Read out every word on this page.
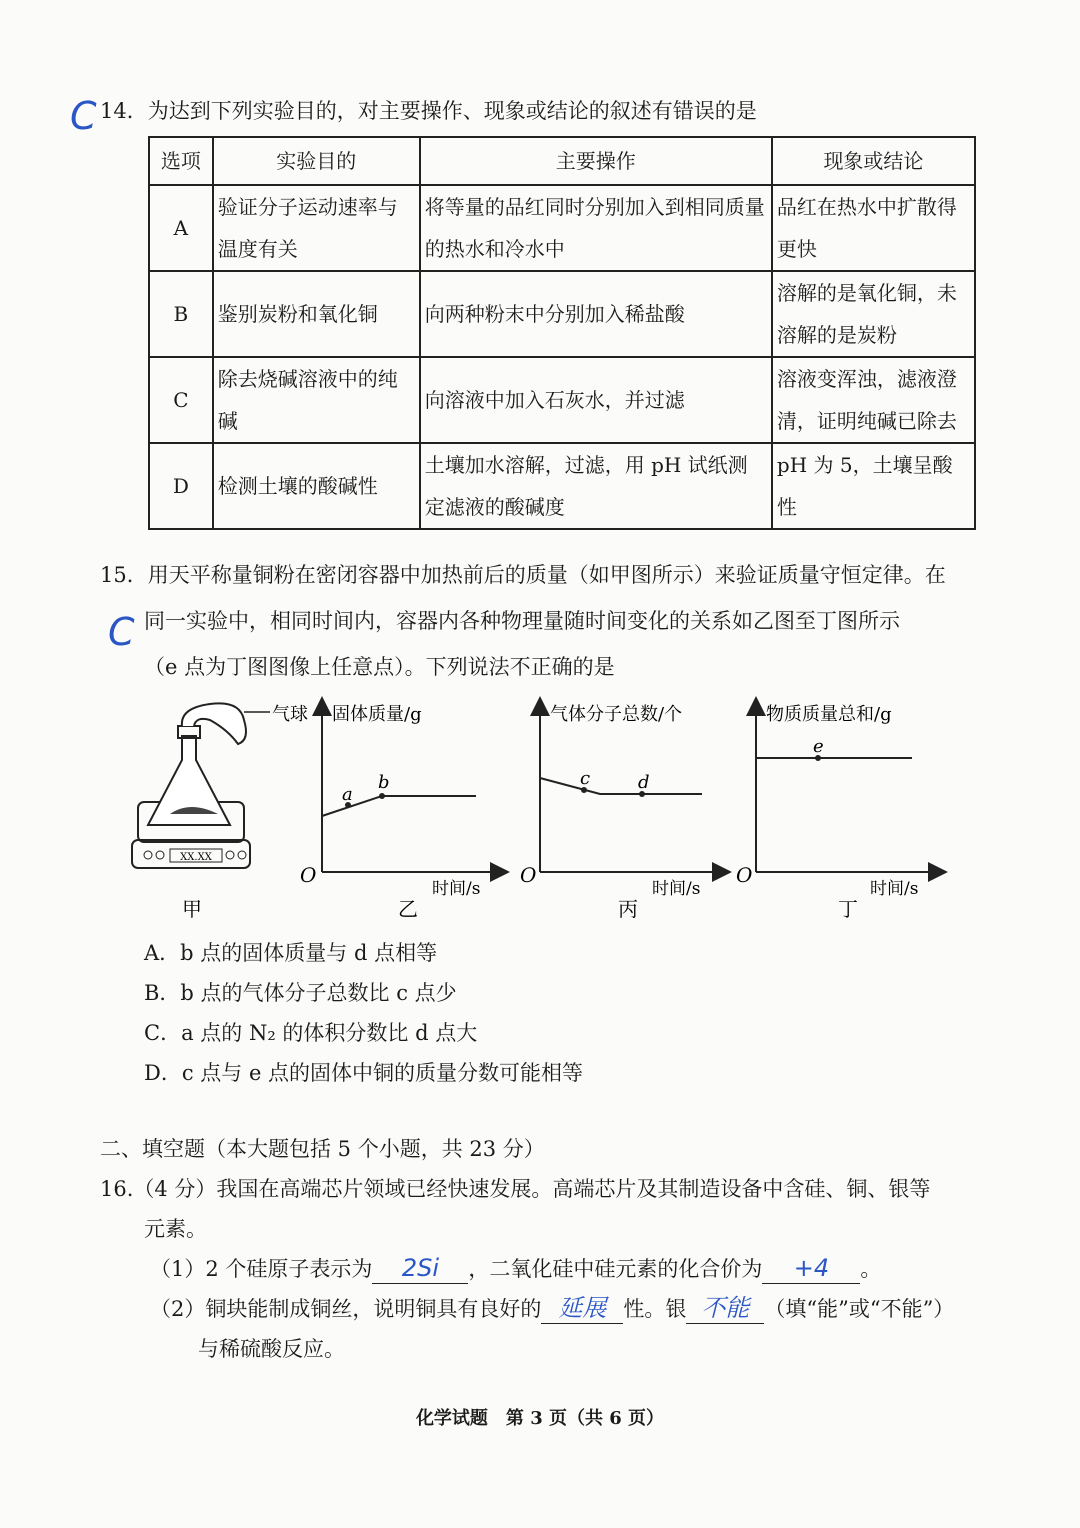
C 14．为达到下列实验目的，对主要操作、现象或结论的叙述有错误的是
选项	实验目的	主要操作	现象或结论
A	验证分子运动速率与温度有关	将等量的品红同时分别加入到相同质量的热水和冷水中	品红在热水中扩散得更快
B	鉴别炭粉和氧化铜	向两种粉末中分别加入稀盐酸	溶解的是氧化铜，未溶解的是炭粉
C	除去烧碱溶液中的纯碱	向溶液中加入石灰水，并过滤	溶液变浑浊，滤液澄清，证明纯碱已除去
D	检测土壤的酸碱性	土壤加水溶解，过滤，用 pH 试纸测定滤液的酸碱度	pH 为 5，土壤呈酸性
15．用天平称量铜粉在密闭容器中加热前后的质量（如甲图所示）来验证质量守恒定律。在
C 同一实验中，相同时间内，容器内各种物理量随时间变化的关系如乙图至丁图所示
（e 点为丁图图像上任意点）。下列说法不正确的是
XX.XX
气球
甲
固体质量/g
时间/s
O
a
b
乙
气体分子总数/个
时间/s
O
c	d
丙
物质质量总和/g
时间/s
O
e
丁
A．b 点的固体质量与 d 点相等
B．b 点的气体分子总数比 c 点少
C．a 点的 N₂ 的体积分数比 d 点大
D．c 点与 e 点的固体中铜的质量分数可能相等
二、填空题（本大题包括 5 个小题，共 23 分）
16.（4 分）我国在高端芯片领域已经快速发展。高端芯片及其制造设备中含硅、铜、银等
元素。
（1）2 个硅原子表示为	2Si	，二氧化硅中硅元素的化合价为	+4	。
（2）铜块能制成铜丝，说明铜具有良好的 延展 性。银 不能 （填“能”或“不能”）
与稀硫酸反应。
化学试题　第 3 页（共 6 页）
